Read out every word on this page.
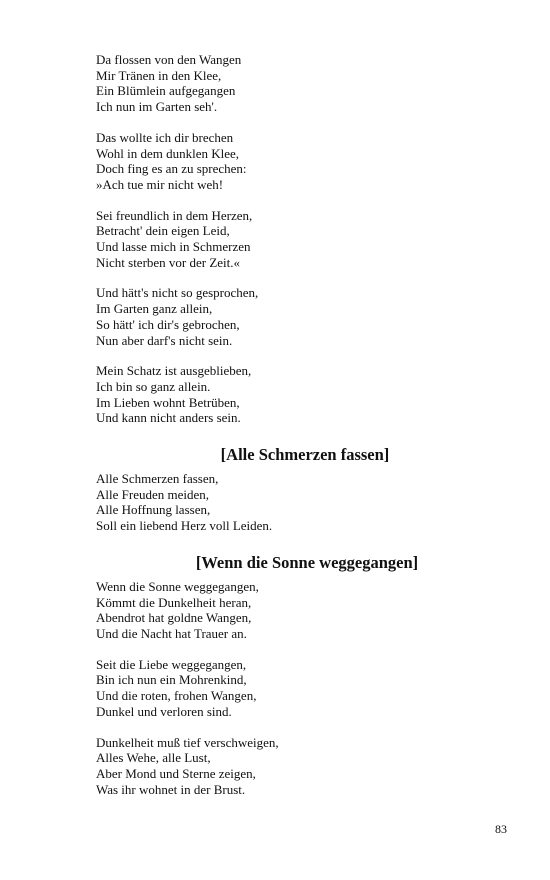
Da flossen von den Wangen
Mir Tränen in den Klee,
Ein Blümlein aufgegangen
Ich nun im Garten seh'.
Das wollte ich dir brechen
Wohl in dem dunklen Klee,
Doch fing es an zu sprechen:
»Ach tue mir nicht weh!
Sei freundlich in dem Herzen,
Betracht' dein eigen Leid,
Und lasse mich in Schmerzen
Nicht sterben vor der Zeit.«
Und hätt's nicht so gesprochen,
Im Garten ganz allein,
So hätt' ich dir's gebrochen,
Nun aber darf's nicht sein.
Mein Schatz ist ausgeblieben,
Ich bin so ganz allein.
Im Lieben wohnt Betrüben,
Und kann nicht anders sein.
[Alle Schmerzen fassen]
Alle Schmerzen fassen,
Alle Freuden meiden,
Alle Hoffnung lassen,
Soll ein liebend Herz voll Leiden.
[Wenn die Sonne weggegangen]
Wenn die Sonne weggegangen,
Kömmt die Dunkelheit heran,
Abendrot hat goldne Wangen,
Und die Nacht hat Trauer an.
Seit die Liebe weggegangen,
Bin ich nun ein Mohrenkind,
Und die roten, frohen Wangen,
Dunkel und verloren sind.
Dunkelheit muß tief verschweigen,
Alles Wehe, alle Lust,
Aber Mond und Sterne zeigen,
Was ihr wohnet in der Brust.
83
